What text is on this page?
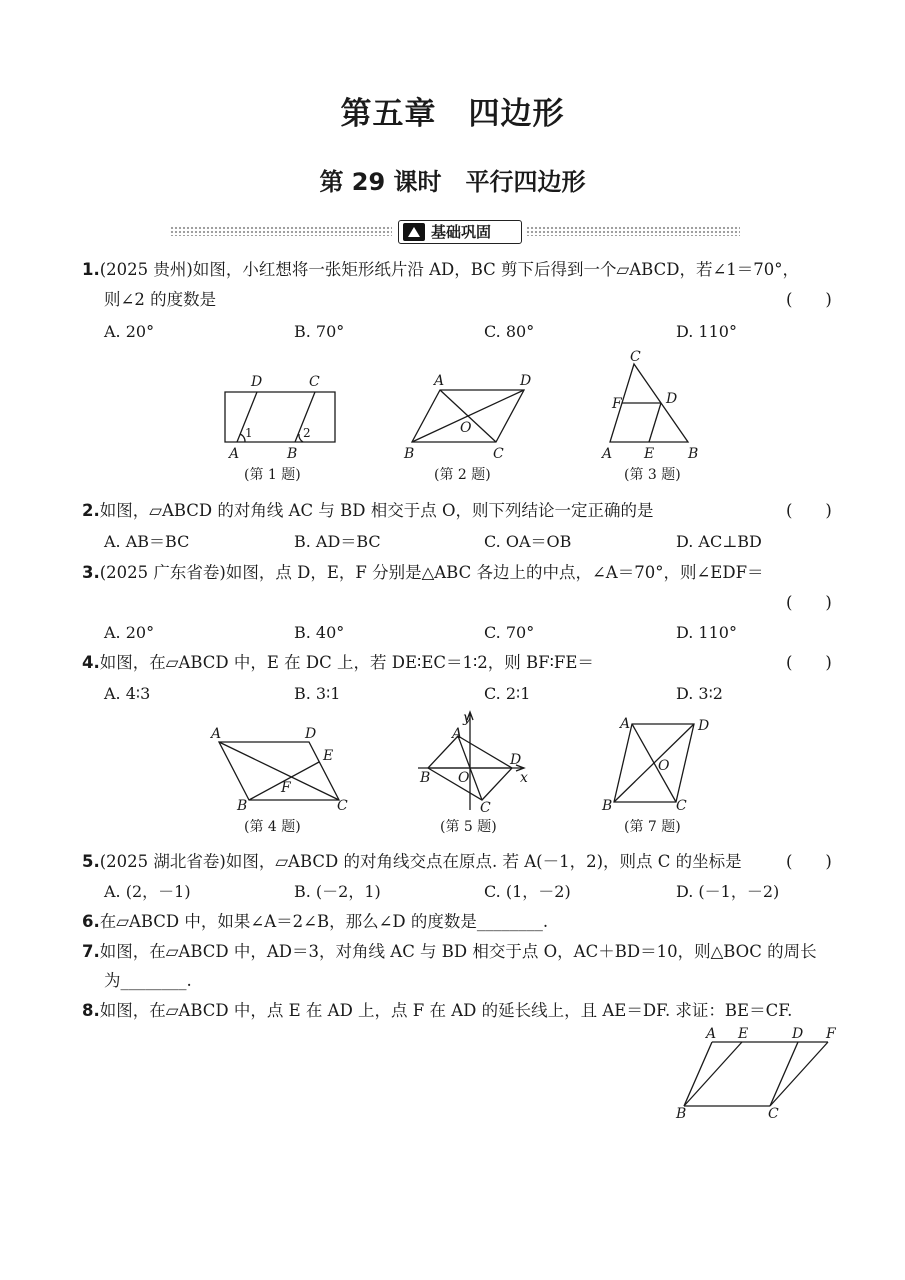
第五章　四边形
第 29 课时　平行四边形
基础巩固
1.(2025 贵州)如图，小红想将一张矩形纸片沿 AD，BC 剪下后得到一个▱ABCD，若∠1＝70°，
则∠2 的度数是	(　　)
A. 20°	B. 70°	C. 80°	D. 110°
D	C
A	B
1	2
(第 1 题)
A	D
O
B	C
(第 2 题)
C
F	D
A E B
(第 3 题)
2.如图，▱ABCD 的对角线 AC 与 BD 相交于点 O，则下列结论一定正确的是	(　　)
A. AB＝BC	B. AD＝BC	C. OA＝OB	D. AC⊥BD
3.(2025 广东省卷)如图，点 D，E，F 分别是△ABC 各边上的中点，∠A＝70°，则∠EDF＝
(　　)
A. 20°	B. 40°	C. 70°	D. 110°
4.如图，在▱ABCD 中，E 在 DC 上，若 DE∶EC＝1∶2，则 BF∶FE＝	(　　)
A. 4∶3	B. 3∶1	C. 2∶1	D. 3∶2
A	D
E
F
B	C
(第 4 题)
y
A
B O
D
x
C
(第 5 题)
A	D
O
B	C
(第 7 题)
5.(2025 湖北省卷)如图，▱ABCD 的对角线交点在原点. 若 A(－1，2)，则点 C 的坐标是	(　　)
A. (2，－1)	B. (－2，1)	C. (1，－2)	D. (－1，－2)
6.在▱ABCD 中，如果∠A＝2∠B，那么∠D 的度数是________.
7.如图，在▱ABCD 中，AD＝3，对角线 AC 与 BD 相交于点 O，AC＋BD＝10，则△BOC 的周长
为________.
8.如图，在▱ABCD 中，点 E 在 AD 上，点 F 在 AD 的延长线上，且 AE＝DF. 求证：BE＝CF.
A E	D F
B	C
